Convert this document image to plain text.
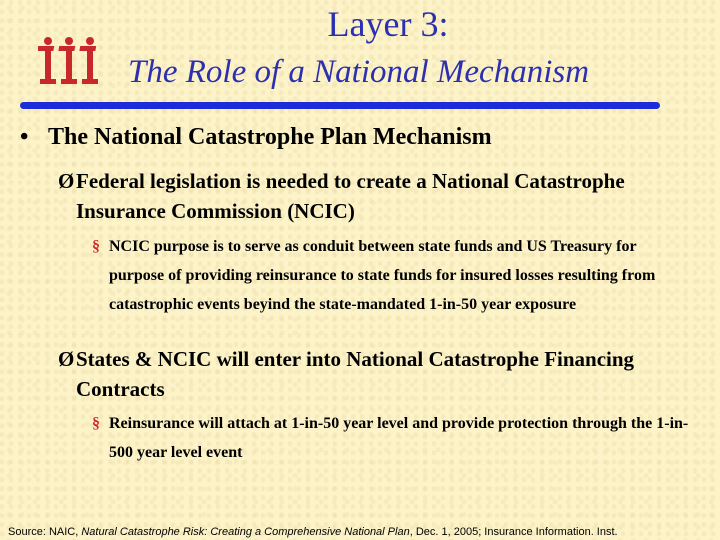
Layer 3:
The Role of a National Mechanism
• The National Catastrophe Plan Mechanism
Ø Federal legislation is needed to create a National Catastrophe Insurance Commission (NCIC)
§ NCIC purpose is to serve as conduit between state funds and US Treasury for purpose of providing reinsurance to state funds for insured losses resulting from catastrophic events beyind the state-mandated 1-in-50 year exposure
Ø States & NCIC will enter into National Catastrophe Financing Contracts
§ Reinsurance will attach at 1-in-50 year level and provide protection through the 1-in-500 year level event
Source: NAIC, Natural Catastrophe Risk: Creating a Comprehensive National Plan, Dec. 1, 2005; Insurance Information. Inst.
